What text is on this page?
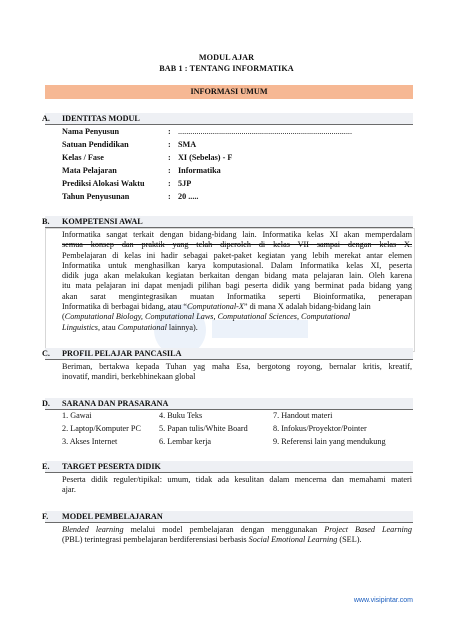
MODUL AJAR
BAB 1 : TENTANG INFORMATIKA
INFORMASI UMUM
A. IDENTITAS MODUL
Nama Penyusun	: .....................................................................................
Satuan Pendidikan	: SMA
Kelas / Fase	: XI (Sebelas) - F
Mata Pelajaran	: Informatika
Prediksi Alokasi Waktu	: 5JP
Tahun Penyusunan	: 20 .....
B. KOMPETENSI AWAL
Informatika sangat terkait dengan bidang-bidang lain. Informatika kelas XI akan memperdalam
semua konsep dan praktik yang telah diperoleh di kelas VII sampai dengan kelas X.
Pembelajaran di kelas ini hadir sebagai paket-paket kegiatan yang lebih merekat antar elemen
Informatika untuk menghasilkan karya komputasional. Dalam Informatika kelas XI, peserta
didik juga akan melakukan kegiatan berkaitan dengan bidang mata pelajaran lain. Oleh karena
itu mata pelajaran ini dapat menjadi pilihan bagi peserta didik yang berminat pada bidang yang
akan sarat mengintegrasikan muatan Informatika seperti Bioinformatika, penerapan
Informatika di berbagai bidang, atau “Computational-X” di mana X adalah bidang-bidang lain
(Computational Biology, Computational Laws, Computational Sciences, Computational
Linguistics, atau Computational lainnya).
C. PROFIL PELAJAR PANCASILA
Beriman, bertakwa kepada Tuhan yag maha Esa, bergotong royong, bernalar kritis, kreatif,
inovatif, mandiri, berkebhinekaan global
D. SARANA DAN PRASARANA
1. Gawai	4. Buku Teks	7. Handout materi
2. Laptop/Komputer PC 5. Papan tulis/White Board	8. Infokus/Proyektor/Pointer
3. Akses Internet	6. Lembar kerja	9. Referensi lain yang mendukung
E. TARGET PESERTA DIDIK
Peserta didik reguler/tipikal: umum, tidak ada kesulitan dalam mencerna dan memahami materi
ajar.
F. MODEL PEMBELAJARAN
Blended learning melalui model pembelajaran dengan menggunakan Project Based Learning
(PBL) terintegrasi pembelajaran berdiferensiasi berbasis Social Emotional Learning (SEL).
www.visipintar.com
